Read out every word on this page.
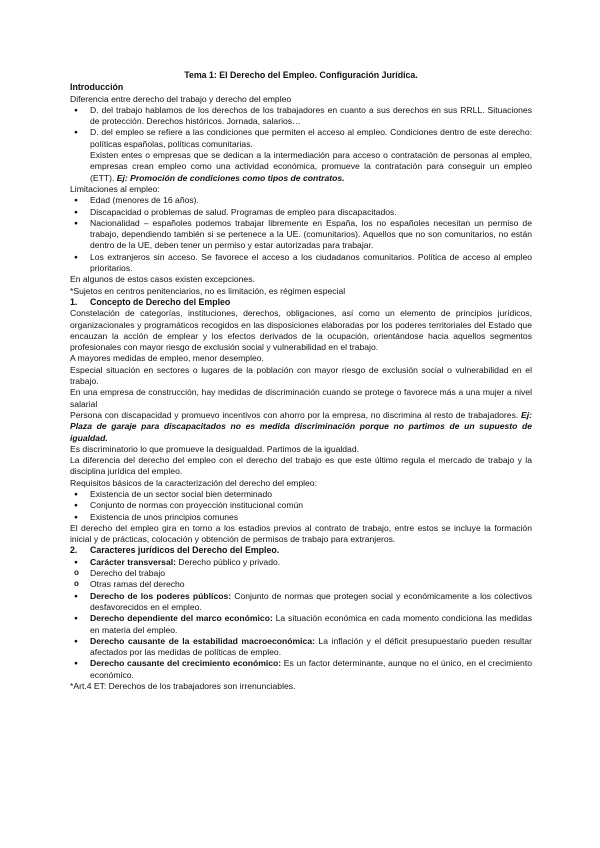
Tema 1: El Derecho del Empleo. Configuración Jurídica.

Introducción

Diferencia entre derecho del trabajo y derecho del empleo

● D. del trabajo hablamos de los derechos de los trabajadores en cuanto a sus derechos en sus RRLL. Situaciones de protección. Derechos históricos. Jornada, salarios…
● D. del empleo se refiere a las condiciones que permiten el acceso al empleo. Condiciones dentro de este derecho: políticas españolas, políticas comunitarias.
Existen entes o empresas que se dedican a la intermediación para acceso o contratación de personas al empleo, empresas crean empleo como una actividad económica, promueve la contratación para conseguir un empleo (ETT). Ej: Promoción de condiciones como tipos de contratos.

Limitaciones al empleo:

● Edad (menores de 16 años).
● Discapacidad o problemas de salud. Programas de empleo para discapacitados.
● Nacionalidad – españoles podemos trabajar libremente en España, los no españoles necesitan un permiso de trabajo, dependiendo también si se pertenece a la UE. (comunitarios). Aquellos que no son comunitarios, no están dentro de la UE, deben tener un permiso y estar autorizadas para trabajar.
● Los extranjeros sin acceso. Se favorece el acceso a los ciudadanos comunitarios. Política de acceso al empleo prioritarios.

En algunos de estos casos existen excepciones.

*Sujetos en centros penitenciarios, no es limitación, es régimen especial

1. Concepto de Derecho del Empleo

Constelación de categorías, instituciones, derechos, obligaciones, así como un elemento de principios jurídicos, organizacionales y programáticos recogidos en las disposiciones elaboradas por los poderes territoriales del Estado que encauzan la acción de emplear y los efectos derivados de la ocupación, orientándose hacia aquellos segmentos profesionales con mayor riesgo de exclusión social y vulnerabilidad en el trabajo.

A mayores medidas de empleo, menor desempleo.

Especial situación en sectores o lugares de la población con mayor riesgo de exclusión social o vulnerabilidad en el trabajo.

En una empresa de construcción, hay medidas de discriminación cuando se protege o favorece más a una mujer a nivel salarial

Persona con discapacidad y promuevo incentivos con ahorro por la empresa, no discrimina al resto de trabajadores. Ej: Plaza de garaje para discapacitados no es medida discriminación porque no partimos de un supuesto de igualdad.

Es discriminatorio lo que promueve la desigualdad. Partimos de la igualdad.

La diferencia del derecho del empleo con el derecho del trabajo es que este último regula el mercado de trabajo y la disciplina jurídica del empleo.

Requisitos básicos de la caracterización del derecho del empleo:

● Existencia de un sector social bien determinado
● Conjunto de normas con proyección institucional común
● Existencia de unos principios comunes

El derecho del empleo gira en torno a los estadios previos al contrato de trabajo, entre estos se incluye la formación inicial y de prácticas, colocación y obtención de permisos de trabajo para extranjeros.

2. Caracteres jurídicos del Derecho del Empleo.
● Carácter transversal: Derecho público y privado.
o Derecho del trabajo
o Otras ramas del derecho
● Derecho de los poderes públicos: Conjunto de normas que protegen social y económicamente a los colectivos desfavorecidos en el empleo.
● Derecho dependiente del marco económico: La situación económica en cada momento condiciona las medidas en materia del empleo.
● Derecho causante de la estabilidad macroeconómica: La inflación y el déficit presupuestario pueden resultar afectados por las medidas de políticas de empleo.
● Derecho causante del crecimiento económico: Es un factor determinante, aunque no el único, en el crecimiento económico.

*Art.4 ET: Derechos de los trabajadores son irrenunciables.
